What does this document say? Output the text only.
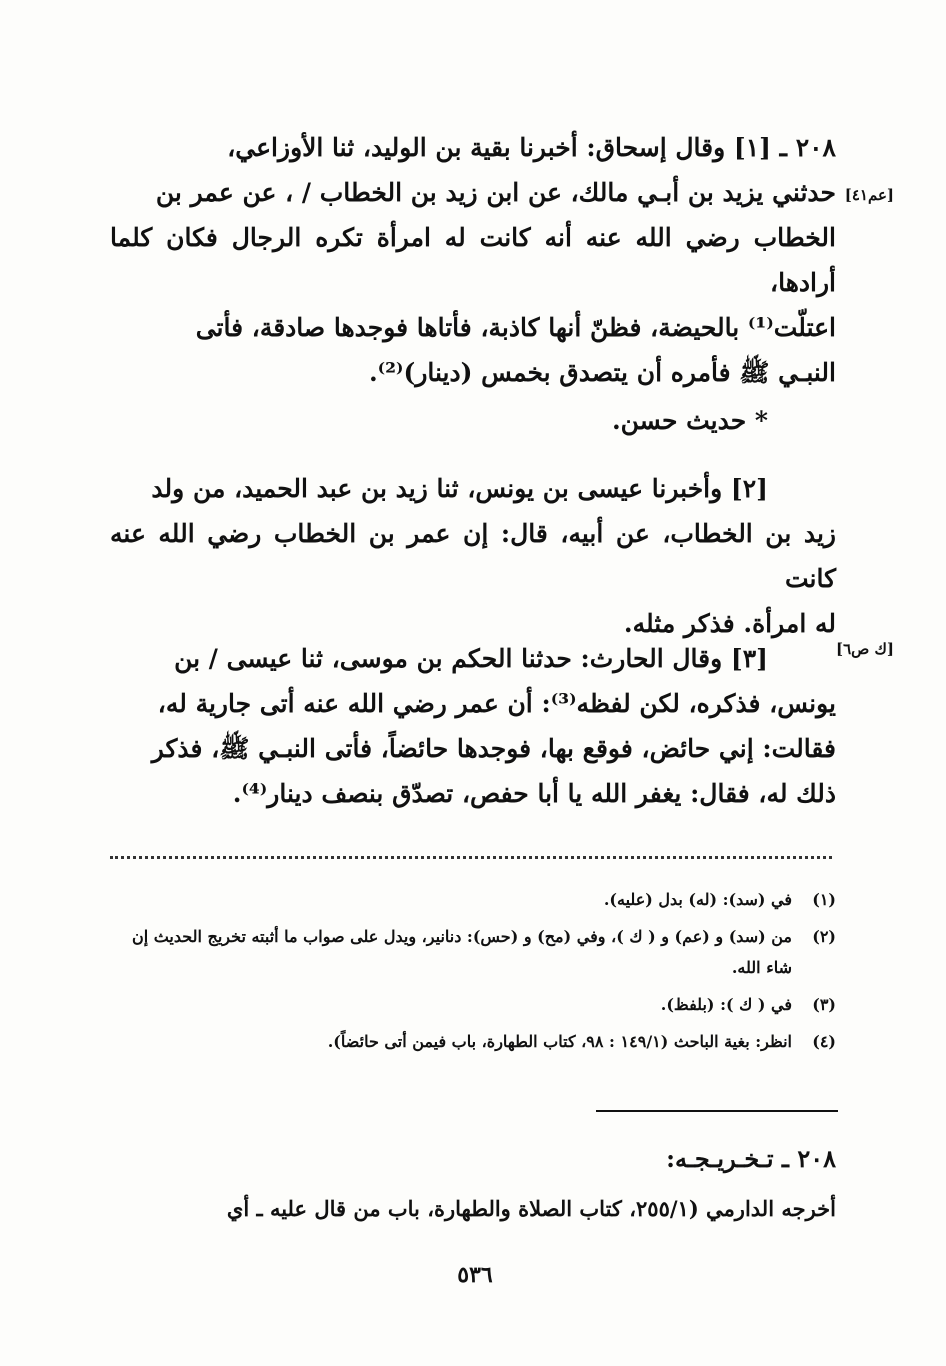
٢٠٨ ـ [١] وقال إسحاق: أخبرنا بقية بن الوليد، ثنا الأوزاعي،
حدثني يزيد بن أبـي مالك، عن ابن زيد بن الخطاب / ، عن عمر بن
الخطاب رضي الله عنه أنه كانت له امرأة تكره الرجال فكان كلما أرادها،
اعتلّت⁽¹⁾ بالحيضة، فظنّ أنها كاذبة، فأتاها فوجدها صادقة، فأتى
النبـي ﷺ فأمره أن يتصدق بخمس (دينار)⁽²⁾.
[عم٤١]
* حديث حسن.
[٢] وأخبرنا عيسى بن يونس، ثنا زيد بن عبد الحميد، من ولد
زيد بن الخطاب، عن أبيه، قال: إن عمر بن الخطاب رضي الله عنه كانت
له امرأة. فذكر مثله.
[٣] وقال الحارث: حدثنا الحكم بن موسى، ثنا عيسى / بن
يونس، فذكره، لكن لفظه⁽³⁾: أن عمر رضي الله عنه أتى جارية له،
فقالت: إني حائض، فوقع بها، فوجدها حائضاً، فأتى النبـي ﷺ، فذكر
ذلك له، فقال: يغفر الله يا أبا حفص، تصدّق بنصف دينار⁽⁴⁾.
[ك ص٦]
(١)
في (سد): (له) بدل (عليه).
(٢)
من (سد) و (عم) و ( ك )، وفي (مح) و (حس): دنانير، ويدل على صواب ما أثبته تخريج الحديث إن شاء الله.
(٣)
في ( ك ): (بلفظ).
(٤)
انظر: بغية الباحث (١٤٩/١ : ٩٨، كتاب الطهارة، باب فيمن أتى حائضاً).
٢٠٨ ـ تـخـريـجـه:
أخرجه الدارمي (٢٥٥/١، كتاب الصلاة والطهارة، باب من قال عليه ـ أي
٥٣٦
